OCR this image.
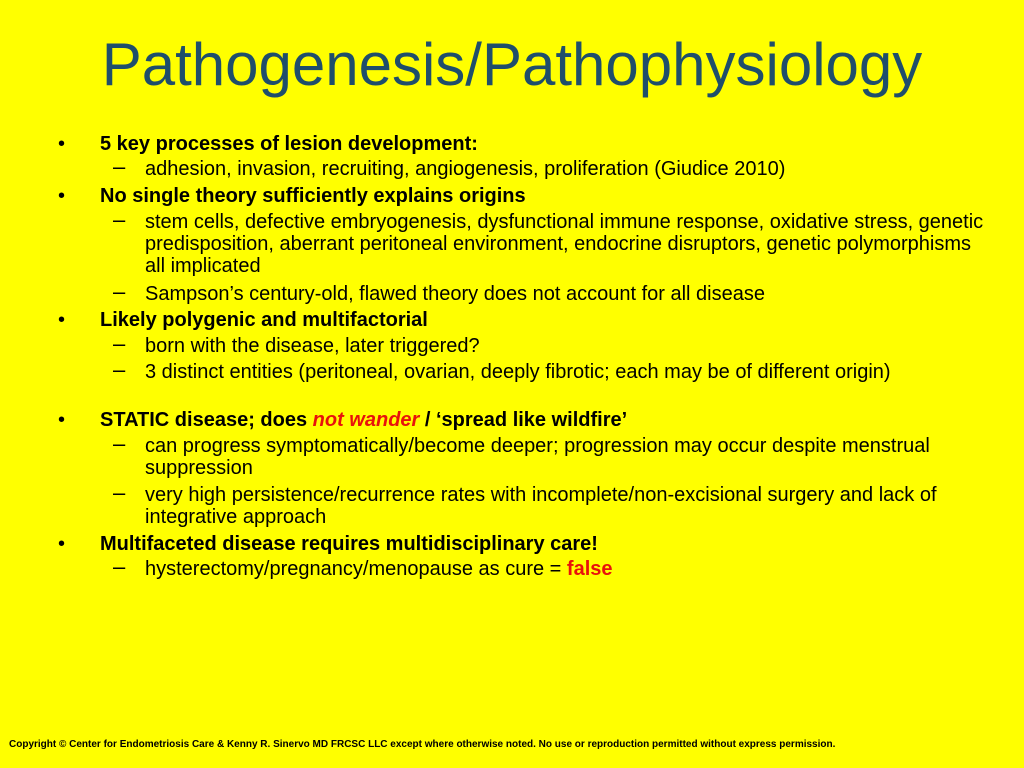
Pathogenesis/Pathophysiology
• 5 key processes of lesion development:
– adhesion, invasion, recruiting, angiogenesis, proliferation (Giudice 2010)
• No single theory sufficiently explains origins
– stem cells, defective embryogenesis, dysfunctional immune response, oxidative stress, genetic predisposition, aberrant peritoneal environment, endocrine disruptors, genetic polymorphisms all implicated
– Sampson’s century-old, flawed theory does not account for all disease
• Likely polygenic and multifactorial
– born with the disease, later triggered?
– 3 distinct entities (peritoneal, ovarian, deeply fibrotic; each may be of different origin)
• STATIC disease; does not wander / ‘spread like wildfire’
– can progress symptomatically/become deeper; progression may occur despite menstrual suppression
– very high persistence/recurrence rates with incomplete/non-excisional surgery and lack of integrative approach
• Multifaceted disease requires multidisciplinary care!
– hysterectomy/pregnancy/menopause as cure = false
Copyright © Center for Endometriosis Care & Kenny R. Sinervo MD FRCSC LLC except where otherwise noted. No use or reproduction permitted without express permission.
